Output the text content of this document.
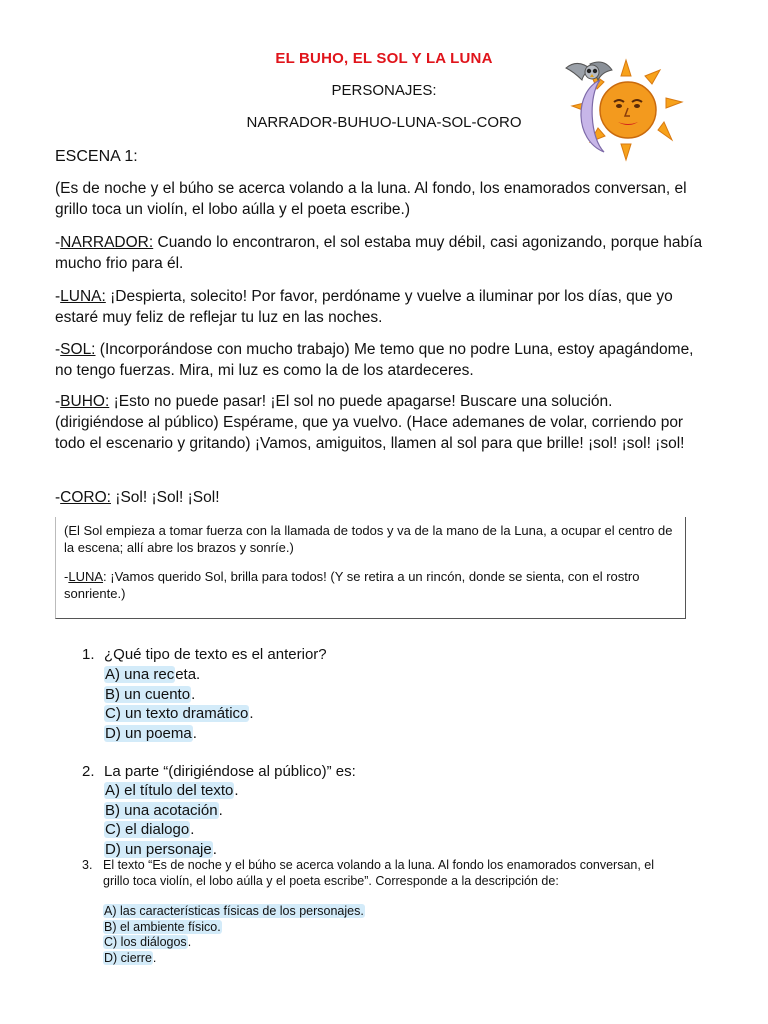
EL BUHO, EL SOL Y LA LUNA
PERSONAJES:
NARRADOR-BUHUO-LUNA-SOL-CORO
ESCENA 1:
(Es de noche y el búho se acerca volando a la luna. Al fondo, los enamorados conversan, el grillo toca un violín, el lobo aúlla y el poeta escribe.)
-NARRADOR: Cuando lo encontraron, el sol estaba muy débil, casi agonizando, porque había mucho frio para él.
-LUNA: ¡Despierta, solecito! Por favor, perdóname y vuelve a iluminar por los días, que yo estaré muy feliz de reflejar tu luz en las noches.
-SOL: (Incorporándose con mucho trabajo) Me temo que no podre Luna, estoy apagándome, no tengo fuerzas. Mira, mi luz es como la de los atardeceres.
-BUHO: ¡Esto no puede pasar! ¡El sol no puede apagarse! Buscare una solución. (dirigiéndose al público) Espérame, que ya vuelvo. (Hace ademanes de volar, corriendo por todo el escenario y gritando) ¡Vamos, amiguitos, llamen al sol para que brille! ¡sol! ¡sol! ¡sol!
-CORO: ¡Sol! ¡Sol! ¡Sol!
(El Sol empieza a tomar fuerza con la llamada de todos y va de la mano de la Luna, a ocupar el centro de la escena; allí abre los brazos y sonríe.)
-LUNA: ¡Vamos querido Sol, brilla para todos! (Y se retira a un rincón, donde se sienta, con el rostro sonriente.)
1. ¿Qué tipo de texto es el anterior?
A) una receta.
B) un cuento.
C) un texto dramático.
D) un poema.
2. La parte “(dirigiéndose al público)” es:
A) el título del texto.
B) una acotación.
C) el dialogo.
D) un personaje.
3. El texto “Es de noche y el búho se acerca volando a la luna. Al fondo los enamorados conversan, el grillo toca violín, el lobo aúlla y el poeta escribe”. Corresponde a la descripción de:
A) las características físicas de los personajes.
B) el ambiente físico.
C) los diálogos.
D) cierre.
